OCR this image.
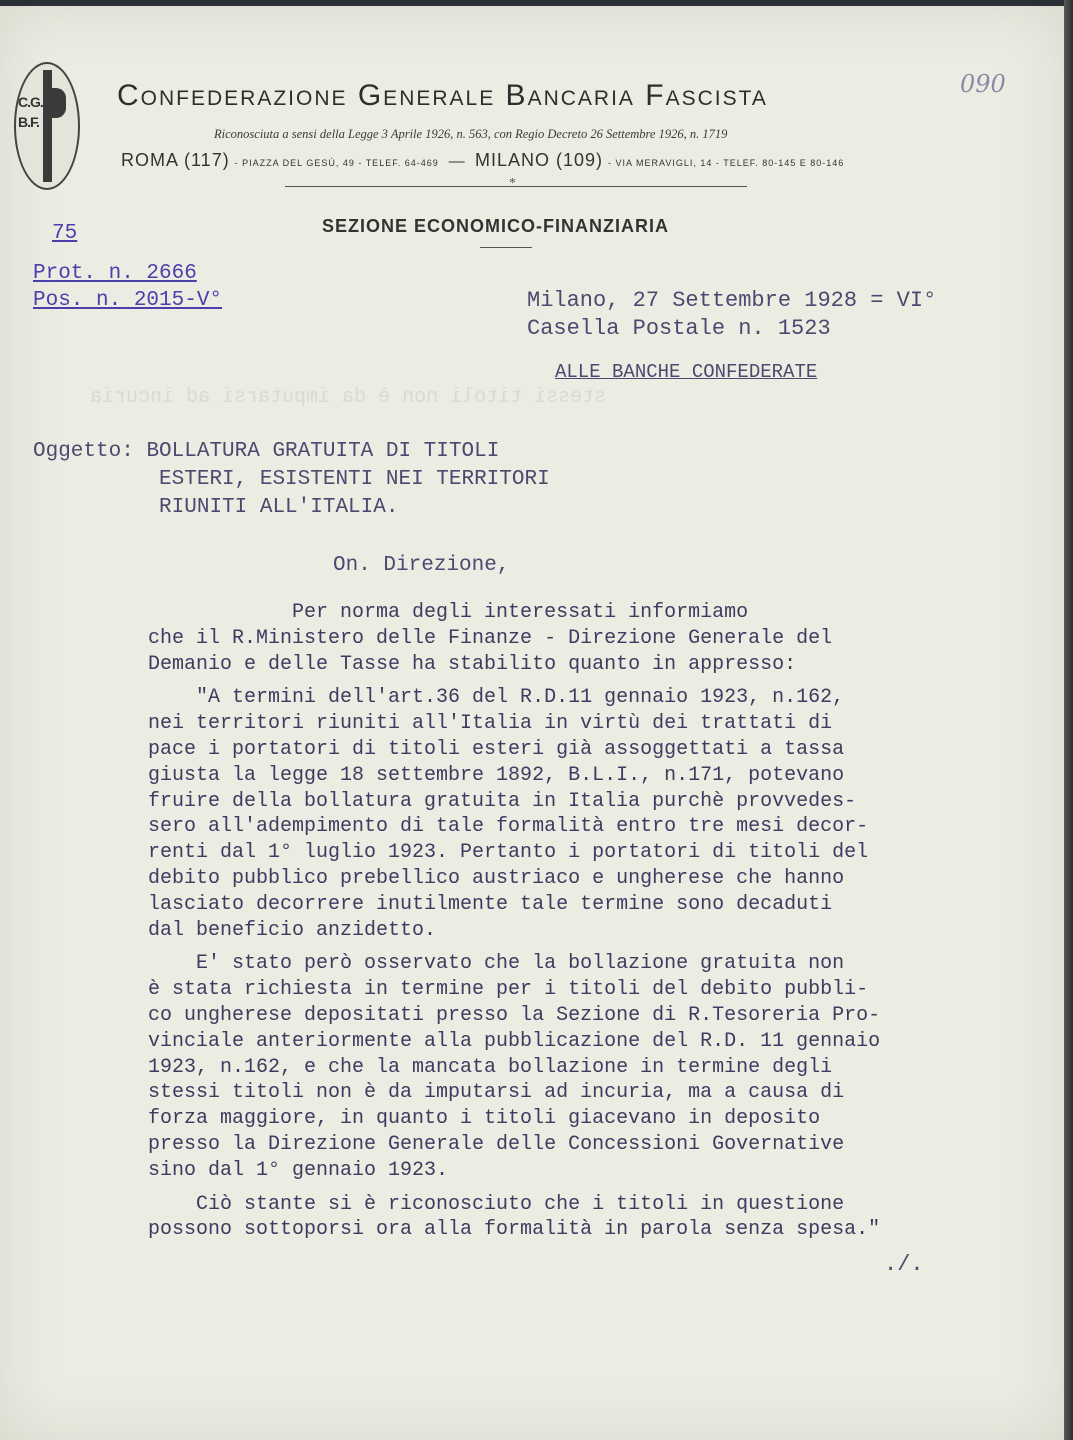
C.G.
B.F.
Confederazione Generale Bancaria Fascista
Riconosciuta a sensi della Legge 3 Aprile 1926, n. 563, con Regio Decreto 26 Settembre 1926, n. 1719
ROMA (117) - PIAZZA DEL GESÙ, 49 - TELEF. 64-469 — MILANO (109) - VIA MERAVIGLI, 14 - TELEF. 80-145 E 80-146
*
SEZIONE ECONOMICO-FINANZIARIA
090
stessi titoli non è da imputarsi ad incuria
75
Prot. n. 2666
Pos. n. 2015-V°	Milano, 27 Settembre 1928 = VI°
Casella Postale n. 1523
ALLE BANCHE CONFEDERATE
Oggetto: BOLLATURA GRATUITA DI TITOLI
ESTERI, ESISTENTI NEI TERRITORI
RIUNITI ALL'ITALIA.
On. Direzione,

Per norma degli interessati informiamo
che il R.Ministero delle Finanze - Direzione Generale del
Demanio e delle Tasse ha stabilito quanto in appresso:

"A termini dell'art.36 del R.D.11 gennaio 1923, n.162,
nei territori riuniti all'Italia in virtù dei trattati di
pace i portatori di titoli esteri già assoggettati a tassa
giusta la legge 18 settembre 1892, B.L.I., n.171, potevano
fruire della bollatura gratuita in Italia purchè provvedes-
sero all'adempimento di tale formalità entro tre mesi decor-
renti dal 1° luglio 1923. Pertanto i portatori di titoli del
debito pubblico prebellico austriaco e ungherese che hanno
lasciato decorrere inutilmente tale termine sono decaduti
dal beneficio anzidetto.

E' stato però osservato che la bollazione gratuita non
è stata richiesta in termine per i titoli del debito pubbli-
co ungherese depositati presso la Sezione di R.Tesoreria Pro-
vinciale anteriormente alla pubblicazione del R.D. 11 gennaio
1923, n.162, e che la mancata bollazione in termine degli
stessi titoli non è da imputarsi ad incuria, ma a causa di
forza maggiore, in quanto i titoli giacevano in deposito
presso la Direzione Generale delle Concessioni Governative
sino dal 1° gennaio 1923.

Ciò stante si è riconosciuto che i titoli in questione
possono sottoporsi ora alla formalità in parola senza spesa."

./.
